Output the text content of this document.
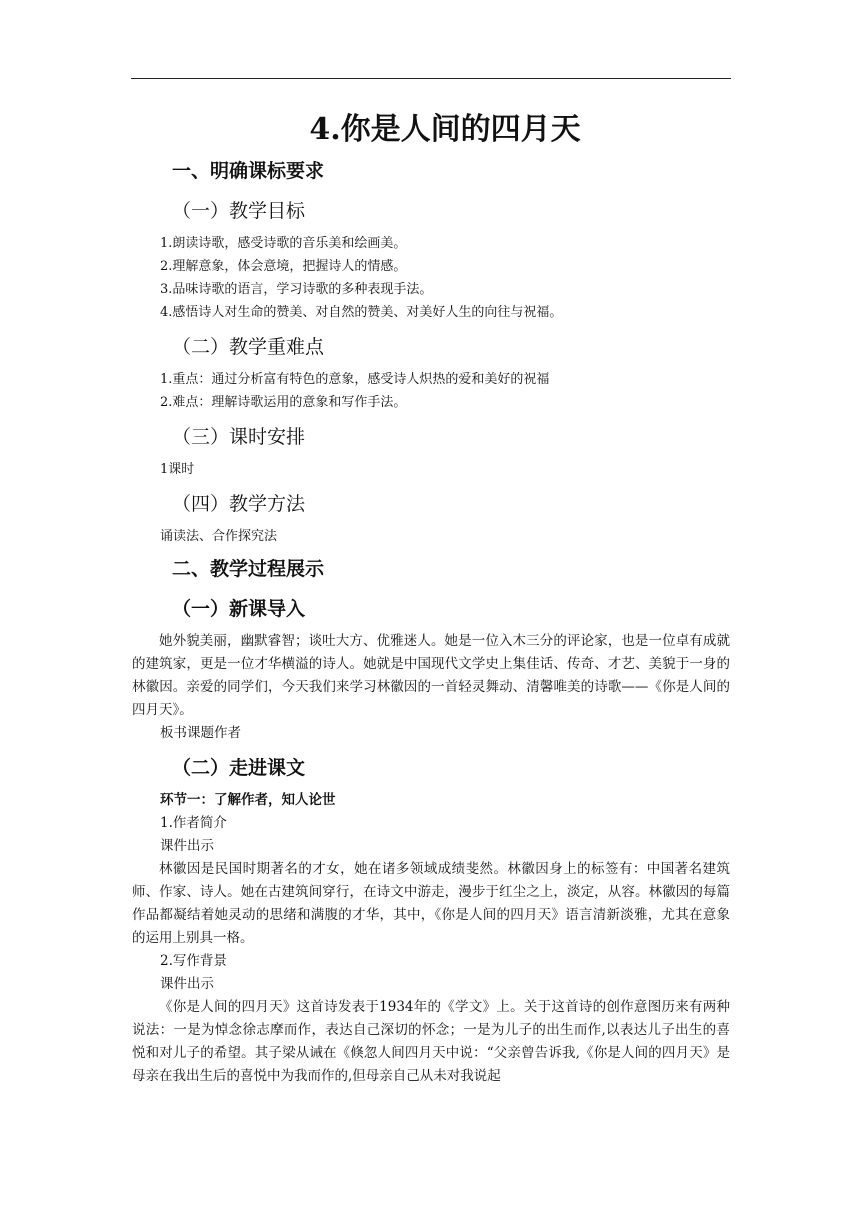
4.你是人间的四月天
一、明确课标要求
（一）教学目标

1.朗读诗歌，感受诗歌的音乐美和绘画美。

2.理解意象，体会意境，把握诗人的情感。

3.品味诗歌的语言，学习诗歌的多种表现手法。

4.感悟诗人对生命的赞美、对自然的赞美、对美好人生的向往与祝福。

（二）教学重难点

1.重点：通过分析富有特色的意象，感受诗人炽热的爱和美好的祝福

2.难点：理解诗歌运用的意象和写作手法。

（三）课时安排

1课时

（四）教学方法

诵读法、合作探究法

二、教学过程展示
（一）新课导入

她外貌美丽，幽默睿智；谈吐大方、优雅迷人。她是一位入木三分的评论家，也是一位卓有成就的建筑家，更是一位才华横溢的诗人。她就是中国现代文学史上集佳话、传奇、才艺、美貌于一身的林徽因。亲爱的同学们，今天我们来学习林徽因的一首轻灵舞动、清馨唯美的诗歌——《你是人间的四月天》。

板书课题作者

（二）走进课文

环节一：了解作者，知人论世

1.作者简介

课件出示

林徽因是民国时期著名的才女，她在诸多领域成绩斐然。林徽因身上的标签有：中国著名建筑师、作家、诗人。她在古建筑间穿行，在诗文中游走，漫步于红尘之上，淡定，从容。林徽因的每篇作品都凝结着她灵动的思绪和满腹的才华，其中，《你是人间的四月天》语言清新淡雅，尤其在意象的运用上别具一格。

2.写作背景

课件出示

《你是人间的四月天》这首诗发表于1934年的《学文》上。关于这首诗的创作意图历来有两种说法：一是为悼念徐志摩而作，表达自己深切的怀念；一是为儿子的出生而作,以表达儿子出生的喜悦和对儿子的希望。其子梁从诫在《倏忽人间四月天中说：“父亲曾告诉我,《你是人间的四月天》是母亲在我出生后的喜悦中为我而作的,但母亲自己从未对我说起
